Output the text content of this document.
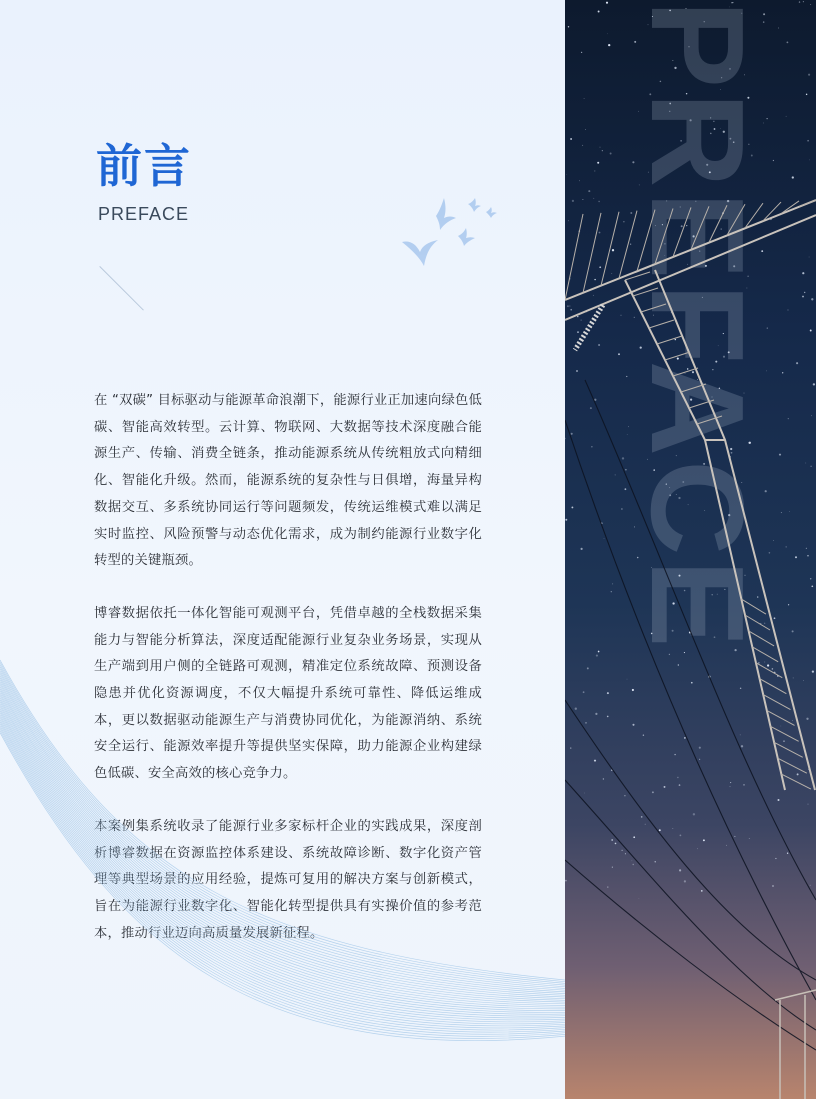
前言
PREFACE

在 “双碳” 目标驱动与能源革命浪潮下，能源行业正加速向绿色低碳、智能高效转型。云计算、物联网、大数据等技术深度融合能源生产、传输、消费全链条，推动能源系统从传统粗放式向精细化、智能化升级。然而，能源系统的复杂性与日俱增，海量异构数据交互、多系统协同运行等问题频发，传统运维模式难以满足实时监控、风险预警与动态优化需求，成为制约能源行业数字化转型的关键瓶颈。

博睿数据依托一体化智能可观测平台，凭借卓越的全栈数据采集能力与智能分析算法，深度适配能源行业复杂业务场景，实现从生产端到用户侧的全链路可观测，精准定位系统故障、预测设备隐患并优化资源调度，不仅大幅提升系统可靠性、降低运维成本，更以数据驱动能源生产与消费协同优化，为能源消纳、系统安全运行、能源效率提升等提供坚实保障，助力能源企业构建绿色低碳、安全高效的核心竞争力。

本案例集系统收录了能源行业多家标杆企业的实践成果，深度剖析博睿数据在资源监控体系建设、系统故障诊断、数字化资产管理等典型场景的应用经验，提炼可复用的解决方案与创新模式，旨在为能源行业数字化、智能化转型提供具有实操价值的参考范本，推动行业迈向高质量发展新征程。

PREFACE
